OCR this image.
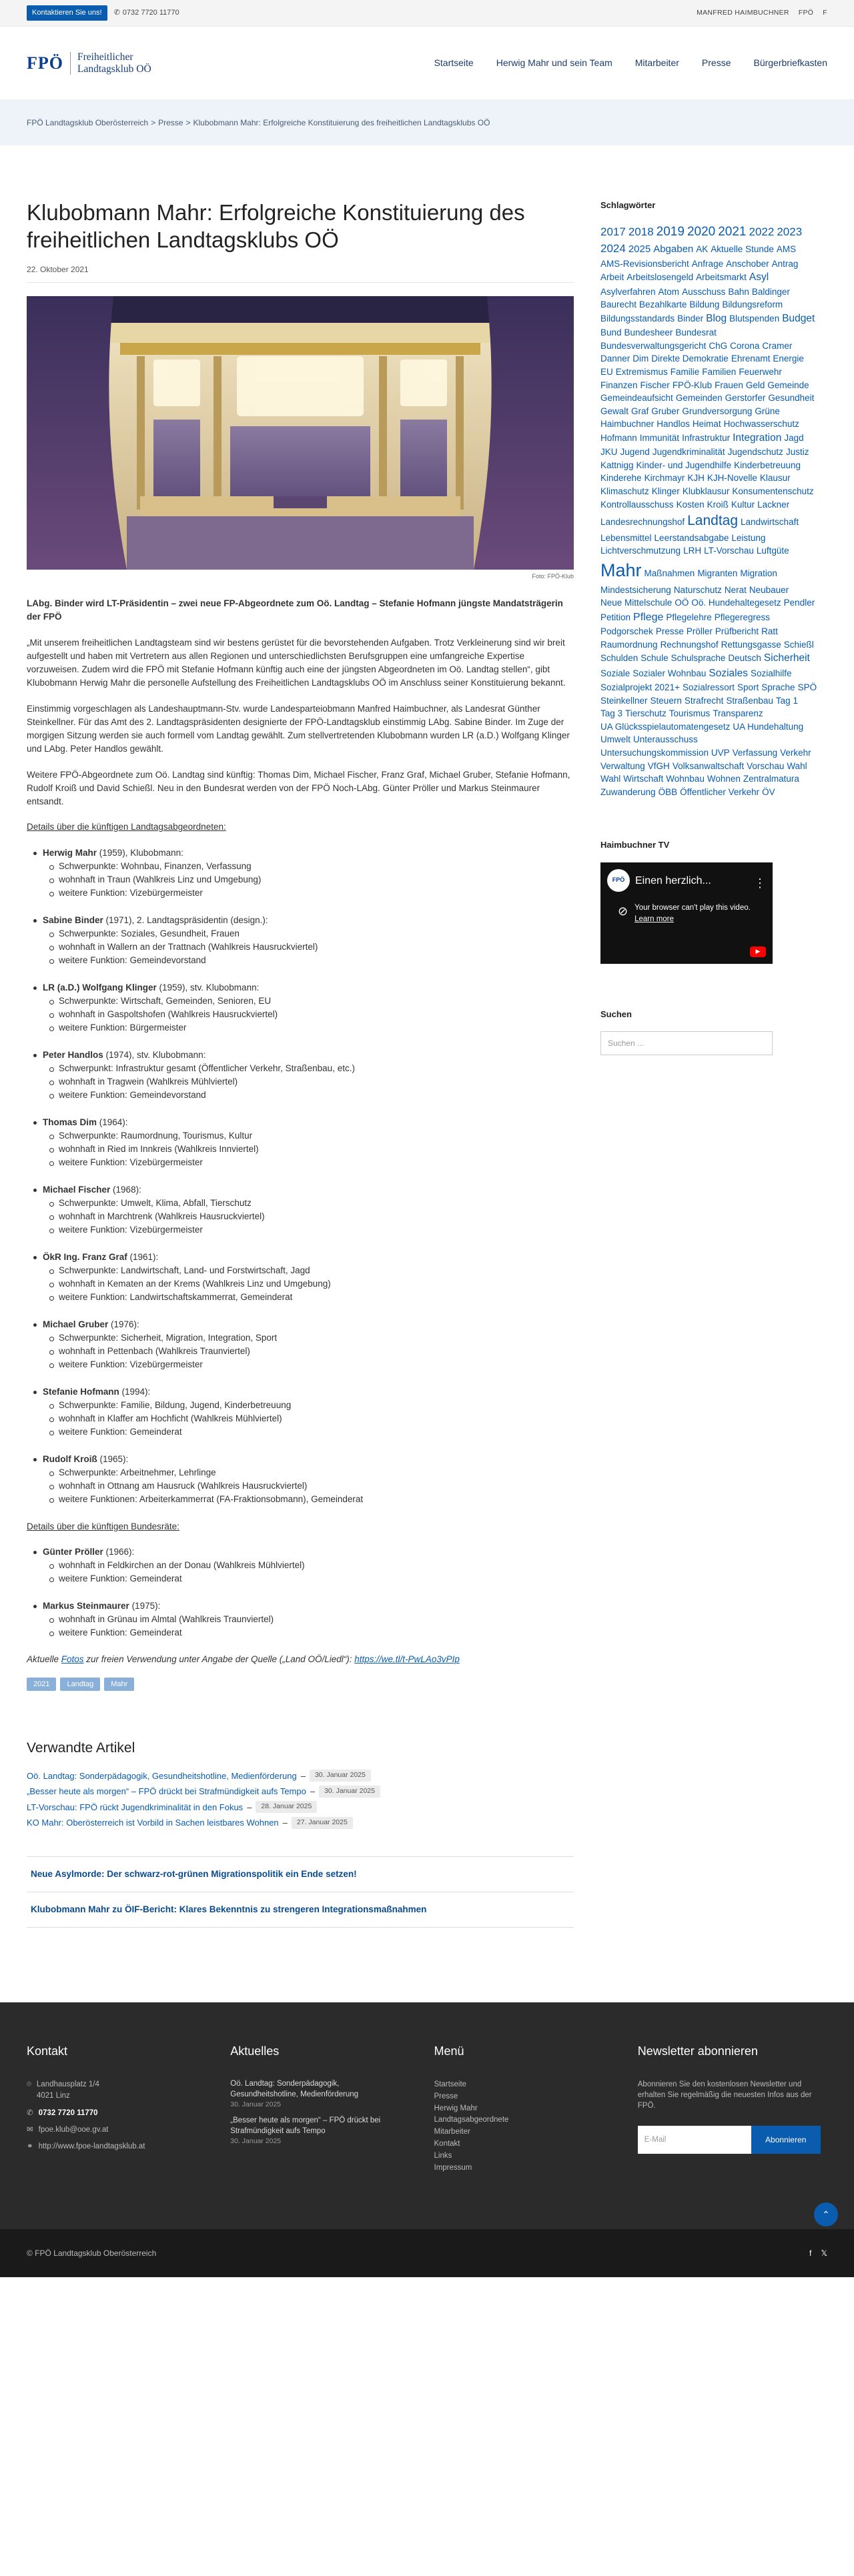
Kontaktieren Sie uns!	✆ 0732 7720 11770	MANFRED HAIMBUCHNER FPÖ F
FPÖ Freiheitlicher
Landtagsklub OÖ
Startseite Herwig Mahr und sein Team Mitarbeiter Presse Bürgerbriefkasten
FPÖ Landtagsklub Oberösterreich > Presse > Klubobmann Mahr: Erfolgreiche Konstituierung des freiheitlichen Landtagsklubs OÖ
Klubobmann Mahr: Erfolgreiche Konstituierung des freiheitlichen Landtagsklubs OÖ
22. Oktober 2021
Foto: FPÖ-Klub

LAbg. Binder wird LT-Präsidentin – zwei neue FP-Abgeordnete zum Oö. Landtag – Stefanie Hofmann jüngste Mandatsträgerin der FPÖ

„Mit unserem freiheitlichen Landtagsteam sind wir bestens gerüstet für die bevorstehenden Aufgaben. Trotz Verkleinerung sind wir breit aufgestellt und haben mit Vertretern aus allen Regionen und unterschiedlichsten Berufsgruppen eine umfangreiche Expertise vorzuweisen. Zudem wird die FPÖ mit Stefanie Hofmann künftig auch eine der jüngsten Abgeordneten im Oö. Landtag stellen“, gibt Klubobmann Herwig Mahr die personelle Aufstellung des Freiheitlichen Landtagsklubs OÖ im Anschluss seiner Konstituierung bekannt.

Einstimmig vorgeschlagen als Landeshauptmann-Stv. wurde Landesparteiobmann Manfred Haimbuchner, als Landesrat Günther Steinkellner. Für das Amt des 2. Landtagspräsidenten designierte der FPÖ-Landtagsklub einstimmig LAbg. Sabine Binder. Im Zuge der morgigen Sitzung werden sie auch formell vom Landtag gewählt. Zum stellvertretenden Klubobmann wurden LR (a.D.) Wolfgang Klinger und LAbg. Peter Handlos gewählt.

Weitere FPÖ-Abgeordnete zum Oö. Landtag sind künftig: Thomas Dim, Michael Fischer, Franz Graf, Michael Gruber, Stefanie Hofmann, Rudolf Kroiß und David Schießl. Neu in den Bundesrat werden von der FPÖ Noch-LAbg. Günter Pröller und Markus Steinmaurer entsandt.

Details über die künftigen Landtagsabgeordneten:

Herwig Mahr (1959), Klubobmann:
Schwerpunkte: Wohnbau, Finanzen, Verfassung
wohnhaft in Traun (Wahlkreis Linz und Umgebung)
weitere Funktion: Vizebürgermeister
Sabine Binder (1971), 2. Landtagspräsidentin (design.):
Schwerpunkte: Soziales, Gesundheit, Frauen
wohnhaft in Wallern an der Trattnach (Wahlkreis Hausruckviertel)
weitere Funktion: Gemeindevorstand
LR (a.D.) Wolfgang Klinger (1959), stv. Klubobmann:
Schwerpunkte: Wirtschaft, Gemeinden, Senioren, EU
wohnhaft in Gaspoltshofen (Wahlkreis Hausruckviertel)
weitere Funktion: Bürgermeister
Peter Handlos (1974), stv. Klubobmann:
Schwerpunkt: Infrastruktur gesamt (Öffentlicher Verkehr, Straßenbau, etc.)
wohnhaft in Tragwein (Wahlkreis Mühlviertel)
weitere Funktion: Gemeindevorstand
Thomas Dim (1964):
Schwerpunkte: Raumordnung, Tourismus, Kultur
wohnhaft in Ried im Innkreis (Wahlkreis Innviertel)
weitere Funktion: Vizebürgermeister
Michael Fischer (1968):
Schwerpunkte: Umwelt, Klima, Abfall, Tierschutz
wohnhaft in Marchtrenk (Wahlkreis Hausruckviertel)
weitere Funktion: Vizebürgermeister
ÖkR Ing. Franz Graf (1961):
Schwerpunkte: Landwirtschaft, Land- und Forstwirtschaft, Jagd
wohnhaft in Kematen an der Krems (Wahlkreis Linz und Umgebung)
weitere Funktion: Landwirtschaftskammerrat, Gemeinderat
Michael Gruber (1976):
Schwerpunkte: Sicherheit, Migration, Integration, Sport
wohnhaft in Pettenbach (Wahlkreis Traunviertel)
weitere Funktion: Vizebürgermeister
Stefanie Hofmann (1994):
Schwerpunkte: Familie, Bildung, Jugend, Kinderbetreuung
wohnhaft in Klaffer am Hochficht (Wahlkreis Mühlviertel)
weitere Funktion: Gemeinderat
Rudolf Kroiß (1965):
Schwerpunkte: Arbeitnehmer, Lehrlinge
wohnhaft in Ottnang am Hausruck (Wahlkreis Hausruckviertel)
weitere Funktionen: Arbeiterkammerrat (FA-Fraktionsobmann), Gemeinderat

Details über die künftigen Bundesräte:

Günter Pröller (1966):
wohnhaft in Feldkirchen an der Donau (Wahlkreis Mühlviertel)
weitere Funktion: Gemeinderat
Markus Steinmaurer (1975):
wohnhaft in Grünau im Almtal (Wahlkreis Traunviertel)
weitere Funktion: Gemeinderat

Aktuelle Fotos zur freien Verwendung unter Angabe der Quelle („Land OÖ/Liedl“): https://we.tl/t-PwLAo3vPIp

2021	Landtag	Mahr
Verwandte Artikel
Oö. Landtag: Sonderpädagogik, Gesundheitshotline, Medienförderung –	30. Januar 2025
„Besser heute als morgen“ – FPÖ drückt bei Strafmündigkeit aufs Tempo –	30. Januar 2025
LT-Vorschau: FPÖ rückt Jugendkriminalität in den Fokus –	28. Januar 2025
KO Mahr: Oberösterreich ist Vorbild in Sachen leistbares Wohnen –	27. Januar 2025
Neue Asylmorde: Der schwarz-rot-grünen Migrationspolitik ein Ende setzen!
Klubobmann Mahr zu ÖIF-Bericht: Klares Bekenntnis zu strengeren Integrationsmaßnahmen
Schlagwörter
2017 2018 2019 2020 2021 2022 20232024 2025 Abgaben AK Aktuelle Stunde AMSAMS-Revisionsbericht Anfrage Anschober AntragArbeit Arbeitslosengeld Arbeitsmarkt AsylAsylverfahren Atom Ausschuss Bahn BaldingerBaurecht Bezahlkarte Bildung BildungsreformBildungsstandards Binder Blog Blutspenden BudgetBund Bundesheer BundesratBundesverwaltungsgericht ChG Corona CramerDanner Dim Direkte Demokratie Ehrenamt EnergieEU Extremismus Familie Familien FeuerwehrFinanzen Fischer FPÖ-Klub Frauen Geld GemeindeGemeindeaufsicht Gemeinden Gerstorfer GesundheitGewalt Graf Gruber Grundversorgung GrüneHaimbuchner Handlos Heimat HochwasserschutzHofmann Immunität Infrastruktur Integration JagdJKU Jugend Jugendkriminalität Jugendschutz JustizKattnigg Kinder- und Jugendhilfe KinderbetreuungKinderehe Kirchmayr KJH KJH-Novelle KlausurKlimaschutz Klinger Klubklausur KonsumentenschutzKontrollausschuss Kosten Kroiß Kultur LacknerLandesrechnungshof Landtag LandwirtschaftLebensmittel Leerstandsabgabe LeistungLichtverschmutzung LRH LT-Vorschau LuftgüteMahr Maßnahmen Migranten MigrationMindestsicherung Naturschutz Nerat NeubauerNeue Mittelschule OÖ Oö. Hundehaltegesetz PendlerPetition Pflege Pflegelehre PflegeregressPodgorschek Presse Pröller Prüfbericht RattRaumordnung Rechnungshof Rettungsgasse SchießlSchulden Schule Schulsprache Deutsch SicherheitSoziale Sozialer Wohnbau Soziales SozialhilfeSozialprojekt 2021+ Sozialressort Sport Sprache SPÖSteinkellner Steuern Strafrecht Straßenbau Tag 1Tag 3 Tierschutz Tourismus TransparenzUA Glücksspielautomatengesetz UA HundehaltungUmwelt UnterausschussUntersuchungskommission UVP Verfassung VerkehrVerwaltung VfGH Volksanwaltschaft Vorschau WahlWahl Wirtschaft Wohnbau Wohnen ZentralmaturaZuwanderung ÖBB Öffentlicher Verkehr ÖV
Haimbuchner TV
FPÖ Einen herzlich...	⋮
⊘ Your browser can't play this video.
Learn more
▶
Suchen
Suchen ...
Kontakt
⌾ Landhausplatz 1/4
4021 Linz
✆ 0732 7720 11770
✉ fpoe.klub@ooe.gv.at
⚭ http://www.fpoe-landtagsklub.at
Aktuelles
Oö. Landtag: Sonderpädagogik, Gesundheitshotline, Medienförderung
30. Januar 2025
„Besser heute als morgen“ – FPÖ drückt bei Strafmündigkeit aufs Tempo
30. Januar 2025
Menü
Startseite
Presse
Herwig Mahr
Landtagsabgeordnete
Mitarbeiter
Kontakt
Links
Impressum
Newsletter abonnieren

Abonnieren Sie den kostenlosen Newsletter und erhalten Sie regelmäßig die neuesten Infos aus der FPÖ.

E-Mail	Abonnieren
© FPÖ Landtagsklub Oberösterreich	f 𝕏
⌃
